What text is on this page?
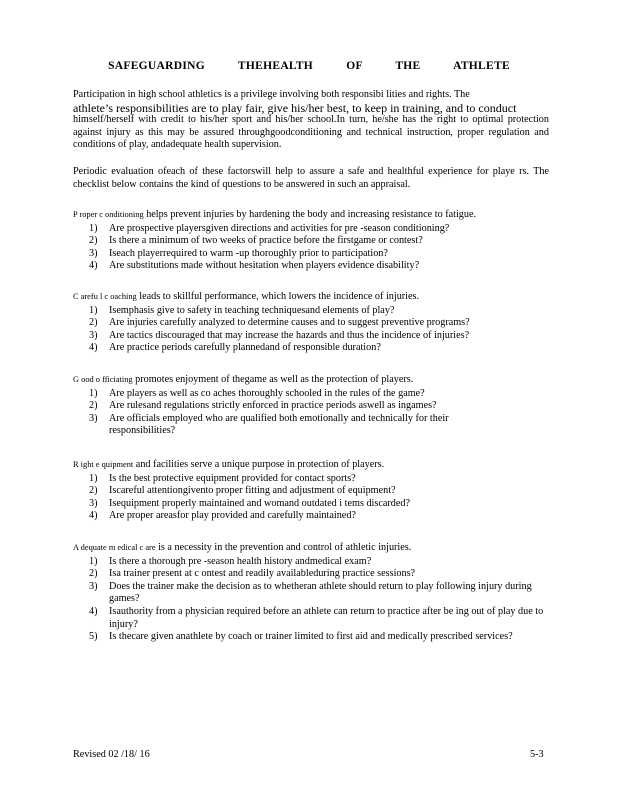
SAFEGUARDING THEHEALTH OF THE ATHLETE
Participation in high school athletics is a privilege involving both responsibi lities and rights. The
athlete’s responsibilities are to play fair, give his/her best, to keep in training, and to conduct
himself/herself with credit to his/her sport and his/her school.In turn, he/she has the right to optimal protection against injury as this may be assured throughgoodconditioning and technical instruction, proper regulation and conditions of play, andadequate health supervision.
Periodic evaluation ofeach of these factorswill help to assure a safe and healthful experience for playe rs. The checklist below contains the kind of questions to be answered in such an appraisal.
P roper c onditioning helps prevent injuries by hardening the body and increasing resistance to fatigue.
1)	Are prospective playersgiven directions and activities for pre -season conditioning?
2)	Is there a minimum of two weeks of practice before the firstgame or contest?
3)	Iseach playerrequired to warm -up thoroughly prior to participation?
4)	Are substitutions made without hesitation when players evidence disability?
C arefu l c oaching leads to skillful performance, which lowers the incidence of injuries.
1)	Isemphasis give to safety in teaching techniquesand elements of play?
2)	Are injuries carefully analyzed to determine causes and to suggest preventive programs?
3)	Are tactics discouraged that may increase the hazards and thus the incidence of injuries?
4)	Are practice periods carefully plannedand of responsible duration?
G ood o fficiating promotes enjoyment of thegame as well as the protection of players.
1)	Are players as well as co aches thoroughly schooled in the rules of the game?
2)	Are rulesand regulations strictly enforced in practice periods aswell as ingames?
3)	Are officials employed who are qualified both emotionally and technically for their responsibilities?
R ight e quipment and facilities serve a unique purpose in protection of players.
1)	Is the best protective equipment provided for contact sports?
2)	Iscareful attentiongivento proper fitting and adjustment of equipment?
3)	Isequipment properly maintained and womand outdated i tems discarded?
4)	Are proper areasfor play provided and carefully maintained?
A dequate m edical c are is a necessity in the prevention and control of athletic injuries.
1)	Is there a thorough pre -season health history andmedical exam?
2)	Isa trainer present at c ontest and readily availableduring practice sessions?
3)	Does the trainer make the decision as to whetheran athlete should return to play following injury during games?
4)	Isauthority from a physician required before an athlete can return to practice after be ing out of play due to injury?
5)	Is thecare given anathlete by coach or trainer limited to first aid and medically prescribed services?
Revised 02 /18/ 16	5-3
